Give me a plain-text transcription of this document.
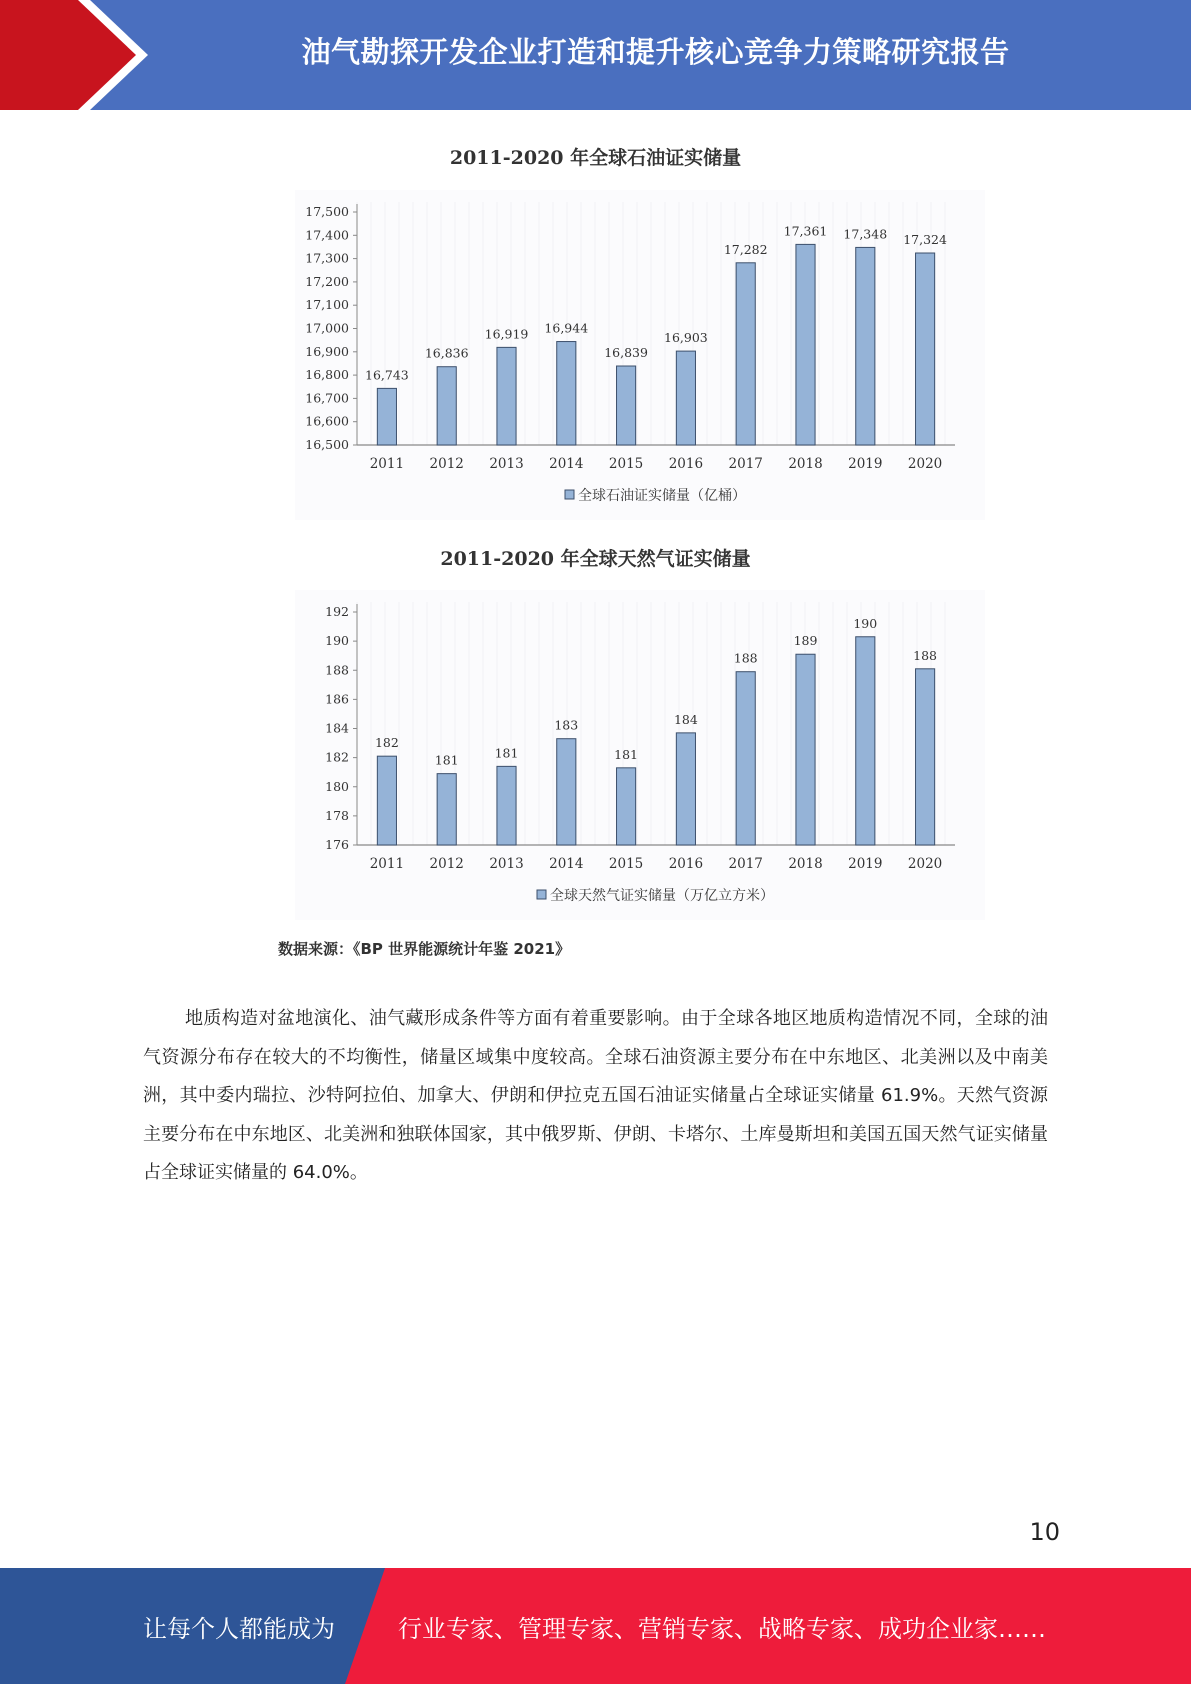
油气勘探开发企业打造和提升核心竞争力策略研究报告
2011-2020 年全球石油证实储量
16,500
16,600
16,700
16,800
16,900
17,000
17,100
17,200
17,300
17,400
17,500
16,743
2011
16,836
2012
16,919
2013
16,944
2014
16,839
2015
16,903
2016
17,282
2017
17,361
2018
17,348
2019
17,324
2020
全球石油证实储量（亿桶）
2011-2020 年全球天然气证实储量
176
178
180
182
184
186
188
190
192
182
2011
181
2012
181
2013
183
2014
181
2015
184
2016
188
2017
189
2018
190
2019
188
2020
全球天然气证实储量（万亿立方米）
数据来源：《BP 世界能源统计年鉴 2021》
地质构造对盆地演化、油气藏形成条件等方面有着重要影响。由于全球各地区地质构造情况不同，全球的油气资源分布存在较大的不均衡性，储量区域集中度较高。全球石油资源主要分布在中东地区、北美洲以及中南美洲，其中委内瑞拉、沙特阿拉伯、加拿大、伊朗和伊拉克五国石油证实储量占全球证实储量 61.9%。天然气资源主要分布在中东地区、北美洲和独联体国家，其中俄罗斯、伊朗、卡塔尔、土库曼斯坦和美国五国天然气证实储量占全球证实储量的 64.0%。
10
让每个人都能成为	行业专家、管理专家、营销专家、战略专家、成功企业家……
